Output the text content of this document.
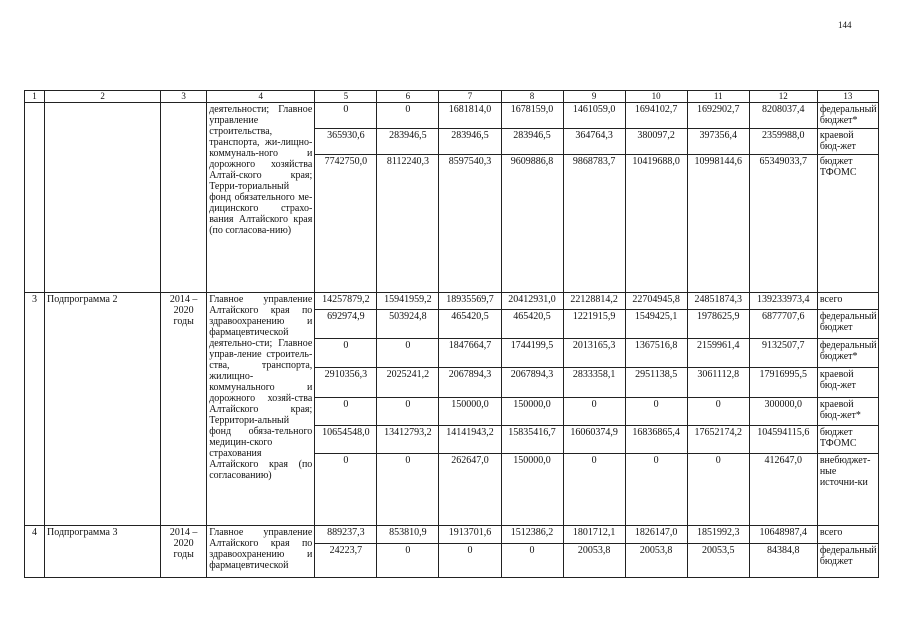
144
1	2	3	4	5	6	7	8	9	10	11	12	13
			деятельности; Главное управление строительства, транспорта, жи-лищно-коммуналь-ного и дорожного хозяйства Алтай-ского края; Терри-ториальный фонд обязательного ме-дицинского страхо-вания Алтайского края (по согласова-нию)	0	0	1681814,0	1678159,0	1461059,0	1694102,7	1692902,7	8208037,4	федеральный бюджет*
				365930,6	283946,5	283946,5	283946,5	364764,3	380097,2	397356,4	2359988,0	краевой бюд-жет
				7742750,0	8112240,3	8597540,3	9609886,8	9868783,7	10419688,0	10998144,6	65349033,7	бюджет ТФОМС
3	Подпрограмма 2	2014 – 2020 годы	Главное управление Алтайского края по здравоохранению и фармацевтической деятельно-сти; Главное управ-ление строитель-ства, транспорта, жилищно-коммунального и дорожного хозяй-ства Алтайского края; Территори-альный фонд обяза-тельного медицин-ского страхования Алтайского края (по согласованию)	14257879,2	15941959,2	18935569,7	20412931,0	22128814,2	22704945,8	24851874,3	139233973,4	всего
				692974,9	503924,8	465420,5	465420,5	1221915,9	1549425,1	1978625,9	6877707,6	федеральный бюджет
				0	0	1847664,7	1744199,5	2013165,3	1367516,8	2159961,4	9132507,7	федеральный бюджет*
				2910356,3	2025241,2	2067894,3	2067894,3	2833358,1	2951138,5	3061112,8	17916995,5	краевой бюд-жет
				0	0	150000,0	150000,0	0	0	0	300000,0	краевой бюд-жет*
				10654548,0	13412793,2	14141943,2	15835416,7	16060374,9	16836865,4	17652174,2	104594115,6	бюджет ТФОМС
				0	0	262647,0	150000,0	0	0	0	412647,0	внебюджет-ные источни-ки
4	Подпрограмма 3	2014 – 2020 годы	Главное управление Алтайского края по здравоохранению и фармацевтической	889237,3	853810,9	1913701,6	1512386,2	1801712,1	1826147,0	1851992,3	10648987,4	всего
				24223,7	0	0	0	20053,8	20053,8	20053,5	84384,8	федеральный бюджет
